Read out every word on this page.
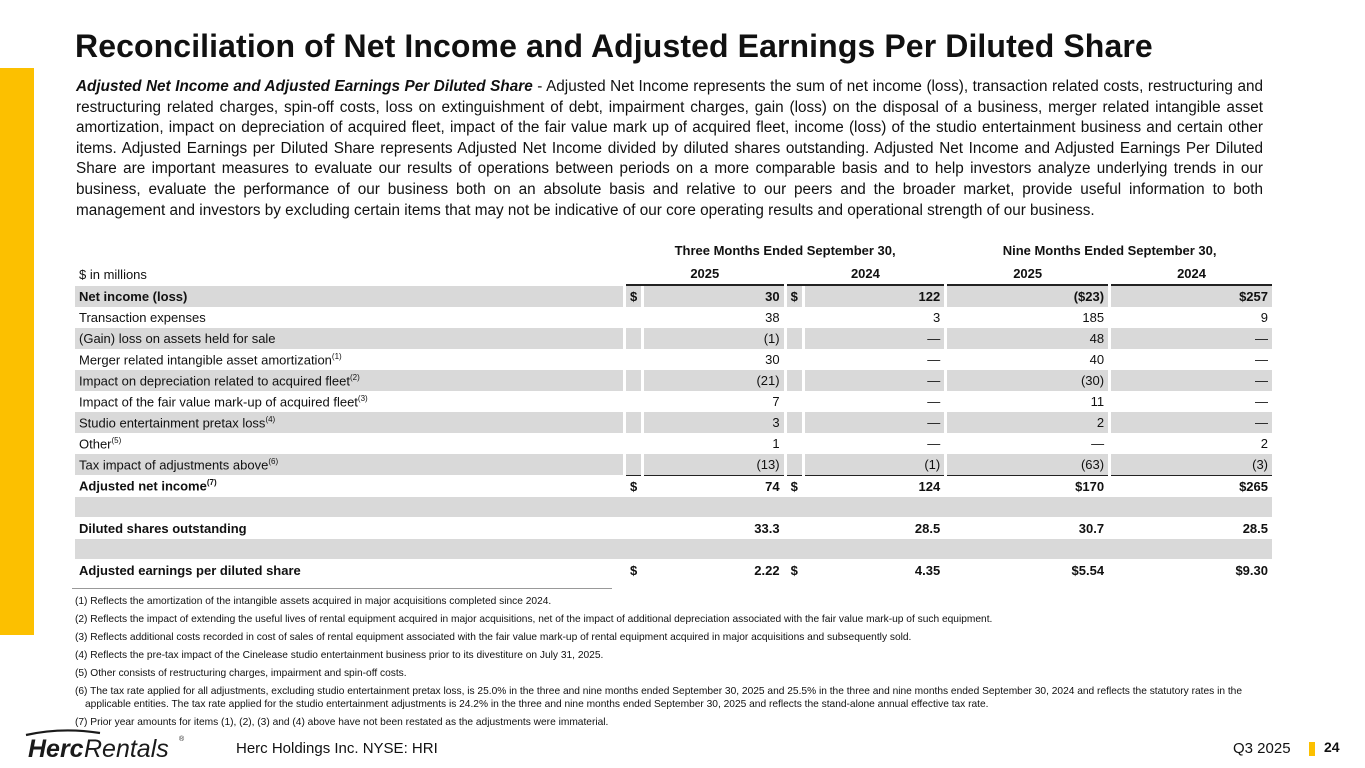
Reconciliation of Net Income and Adjusted Earnings Per Diluted Share
Adjusted Net Income and Adjusted Earnings Per Diluted Share - Adjusted Net Income represents the sum of net income (loss), transaction related costs, restructuring and restructuring related charges, spin-off costs, loss on extinguishment of debt, impairment charges, gain (loss) on the disposal of a business, merger related intangible asset amortization, impact on depreciation of acquired fleet, impact of the fair value mark up of acquired fleet, income (loss) of the studio entertainment business and certain other items. Adjusted Earnings per Diluted Share represents Adjusted Net Income divided by diluted shares outstanding. Adjusted Net Income and Adjusted Earnings Per Diluted Share are important measures to evaluate our results of operations between periods on a more comparable basis and to help investors analyze underlying trends in our business, evaluate the performance of our business both on an absolute basis and relative to our peers and the broader market, provide useful information to both management and investors by excluding certain items that may not be indicative of our core operating results and operational strength of our business.
	Three Months Ended September 30,				Nine Months Ended September 30,	
$ in millions	2025		2024		2025	2024
Net income (loss)	$	30	$	122	($23)	$257
Transaction expenses		38		3	185	9
(Gain) loss on assets held for sale		(1)		—	48	—
Merger related intangible asset amortization$^{(1)}$		30		—	40	—
Impact on depreciation related to acquired fleet$^{(2)}$		(21)		—	(30)	—
Impact of the fair value mark-up of acquired fleet$^{(3)}$		7		—	11	—
Studio entertainment pretax loss$^{(4)}$		3		—	2	—
Other$^{(5)}$		1		—	—	2
Tax impact of adjustments above$^{(6)}$		(13)		(1)	(63)	(3)
Adjusted net income$^{(7)}$	$	74	$	124	$170	$265

Diluted shares outstanding		33.3		28.5	30.7	28.5

Adjusted earnings per diluted share	$	2.22	$	4.35	$5.54	$9.30
(1) Reflects the amortization of the intangible assets acquired in major acquisitions completed since 2024.
(2) Reflects the impact of extending the useful lives of rental equipment acquired in major acquisitions, net of the impact of additional depreciation associated with the fair value mark-up of such equipment.
(3) Reflects additional costs recorded in cost of sales of rental equipment associated with the fair value mark-up of rental equipment acquired in major acquisitions and subsequently sold.
(4) Reflects the pre-tax impact of the Cinelease studio entertainment business prior to its divestiture on July 31, 2025.
(5) Other consists of restructuring charges, impairment and spin-off costs.
(6) The tax rate applied for all adjustments, excluding studio entertainment pretax loss, is 25.0% in the three and nine months ended September 30, 2025 and 25.5% in the three and nine months ended September 30, 2024 and reflects the statutory rates in the applicable entities. The tax rate applied for the studio entertainment adjustments is 24.2% in the three and nine months ended September 30, 2025 and reflects the stand-alone annual effective tax rate.
(7) Prior year amounts for items (1), (2), (3) and (4) above have not been restated as the adjustments were immaterial.
Herc Rentals ®
Herc Holdings Inc. NYSE: HRI	Q3 2025 24
